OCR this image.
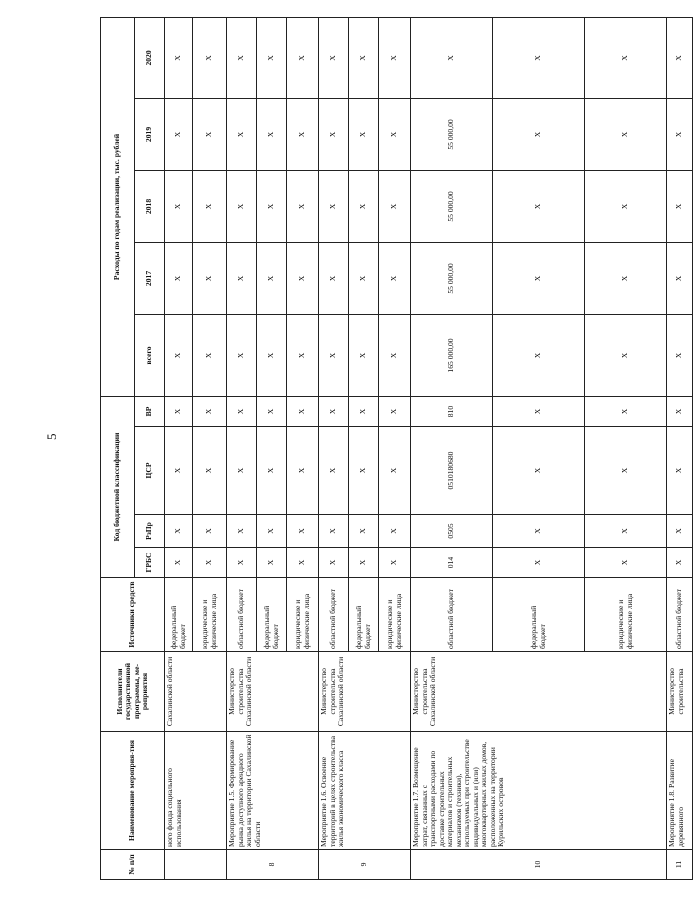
5
№ п/п	Наименование мероприя-тия	Исполнители государственной программы, ме-роприятия	Источники средств	Код бюджетной классификации				Расходы по годам реализации, тыс. рублей				
				ГРБС	РзПр	ЦСР	ВР	всего	2017	2018	2019	2020
	ного фонда социального использования	Сахалинской области	федеральный бюджет	Х	Х	Х	Х	Х	Х	Х	Х	Х
			юридические и физические лица	Х	Х	Х	Х	Х	Х	Х	Х	Х
8	Мероприятие 1.5. Формирование рынка доступного арендного жилья на территории Сахалинской области	Министерство строительства Сахалинской области	областной бюджет	Х	Х	Х	Х	Х	Х	Х	Х	Х
			федеральный бюджет	Х	Х	Х	Х	Х	Х	Х	Х	Х
			юридические и физические лица	Х	Х	Х	Х	Х	Х	Х	Х	Х
9	Мероприятие 1.6. Освоение территорий в целях строительства жилья экономического класса	Министерство строительства Сахалинской области	областной бюджет	Х	Х	Х	Х	Х	Х	Х	Х	Х
			федеральный бюджет	Х	Х	Х	Х	Х	Х	Х	Х	Х
			юридические и физические лица	Х	Х	Х	Х	Х	Х	Х	Х	Х
10	Мероприятие 1.7. Возмещение затрат, связанных с транспортными расходами по доставке строительных материалов и строительных механизмов (техники), используемых при строительстве индивидуальных и (или) многоквартирных жилых домов, расположенных на территории Курильских островов	Министерство строительства Сахалинской области	областной бюджет	014	0505	0510180680	810	165 000,00	55 000,00	55 000,00	55 000,00	Х
			федеральный бюджет	Х	Х	Х	Х	Х	Х	Х	Х	Х
			юридические и физические лица	Х	Х	Х	Х	Х	Х	Х	Х	Х
11	Мероприятие 1.8. Развитие деревянного	Министерство строительства	областной бюджет	Х	Х	Х	Х	Х	Х	Х	Х	Х
